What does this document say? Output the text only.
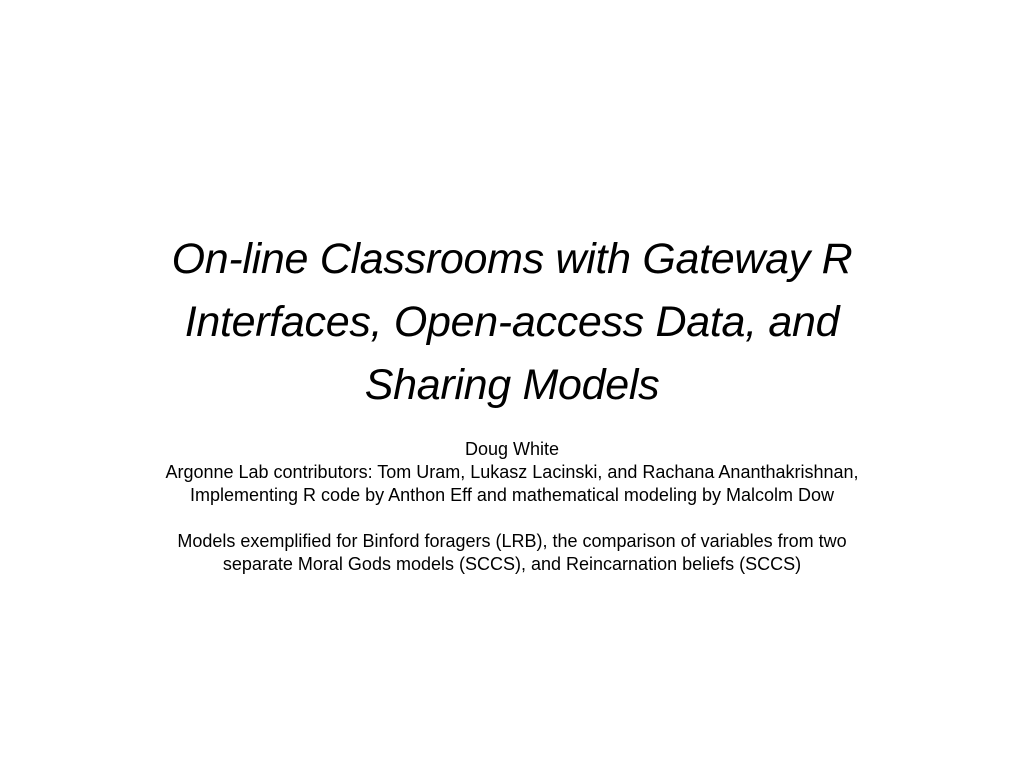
On-line Classrooms with Gateway R
Interfaces, Open-access Data, and
Sharing Models

Doug White

Argonne Lab contributors: Tom Uram, Lukasz Lacinski, and Rachana Ananthakrishnan,
Implementing R code by Anthon Eff and mathematical modeling by Malcolm Dow

Models exemplified for Binford foragers (LRB), the comparison of variables from two
separate Moral Gods models (SCCS), and Reincarnation beliefs (SCCS)
